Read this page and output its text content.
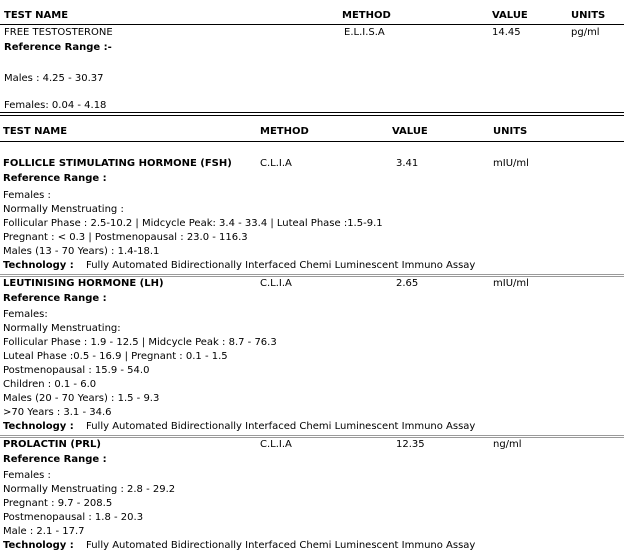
TEST NAME	METHOD	VALUE	UNITS
FREE TESTOSTERONE	E.L.I.S.A	14.45	pg/ml
Reference Range :-
Males : 4.25 - 30.37
Females: 0.04 - 4.18
TEST NAME	METHOD	VALUE	UNITS
FOLLICLE STIMULATING HORMONE (FSH)	C.L.I.A	3.41	mIU/ml
Reference Range :
Females :
Normally Menstruating :
Follicular Phase : 2.5-10.2 | Midcycle Peak: 3.4 - 33.4 | Luteal Phase :1.5-9.1
Pregnant : < 0.3 | Postmenopausal : 23.0 - 116.3
Males (13 - 70 Years) : 1.4-18.1
Technology : Fully Automated Bidirectionally Interfaced Chemi Luminescent Immuno Assay
LEUTINISING HORMONE (LH)	C.L.I.A	2.65	mIU/ml
Reference Range :
Females:
Normally Menstruating:
Follicular Phase : 1.9 - 12.5 | Midcycle Peak : 8.7 - 76.3
Luteal Phase :0.5 - 16.9 | Pregnant : 0.1 - 1.5
Postmenopausal : 15.9 - 54.0
Children : 0.1 - 6.0
Males (20 - 70 Years) : 1.5 - 9.3
>70 Years : 3.1 - 34.6
Technology : Fully Automated Bidirectionally Interfaced Chemi Luminescent Immuno Assay
PROLACTIN (PRL)	C.L.I.A	12.35	ng/ml
Reference Range :
Females :
Normally Menstruating : 2.8 - 29.2
Pregnant : 9.7 - 208.5
Postmenopausal : 1.8 - 20.3
Male : 2.1 - 17.7
Technology : Fully Automated Bidirectionally Interfaced Chemi Luminescent Immuno Assay
